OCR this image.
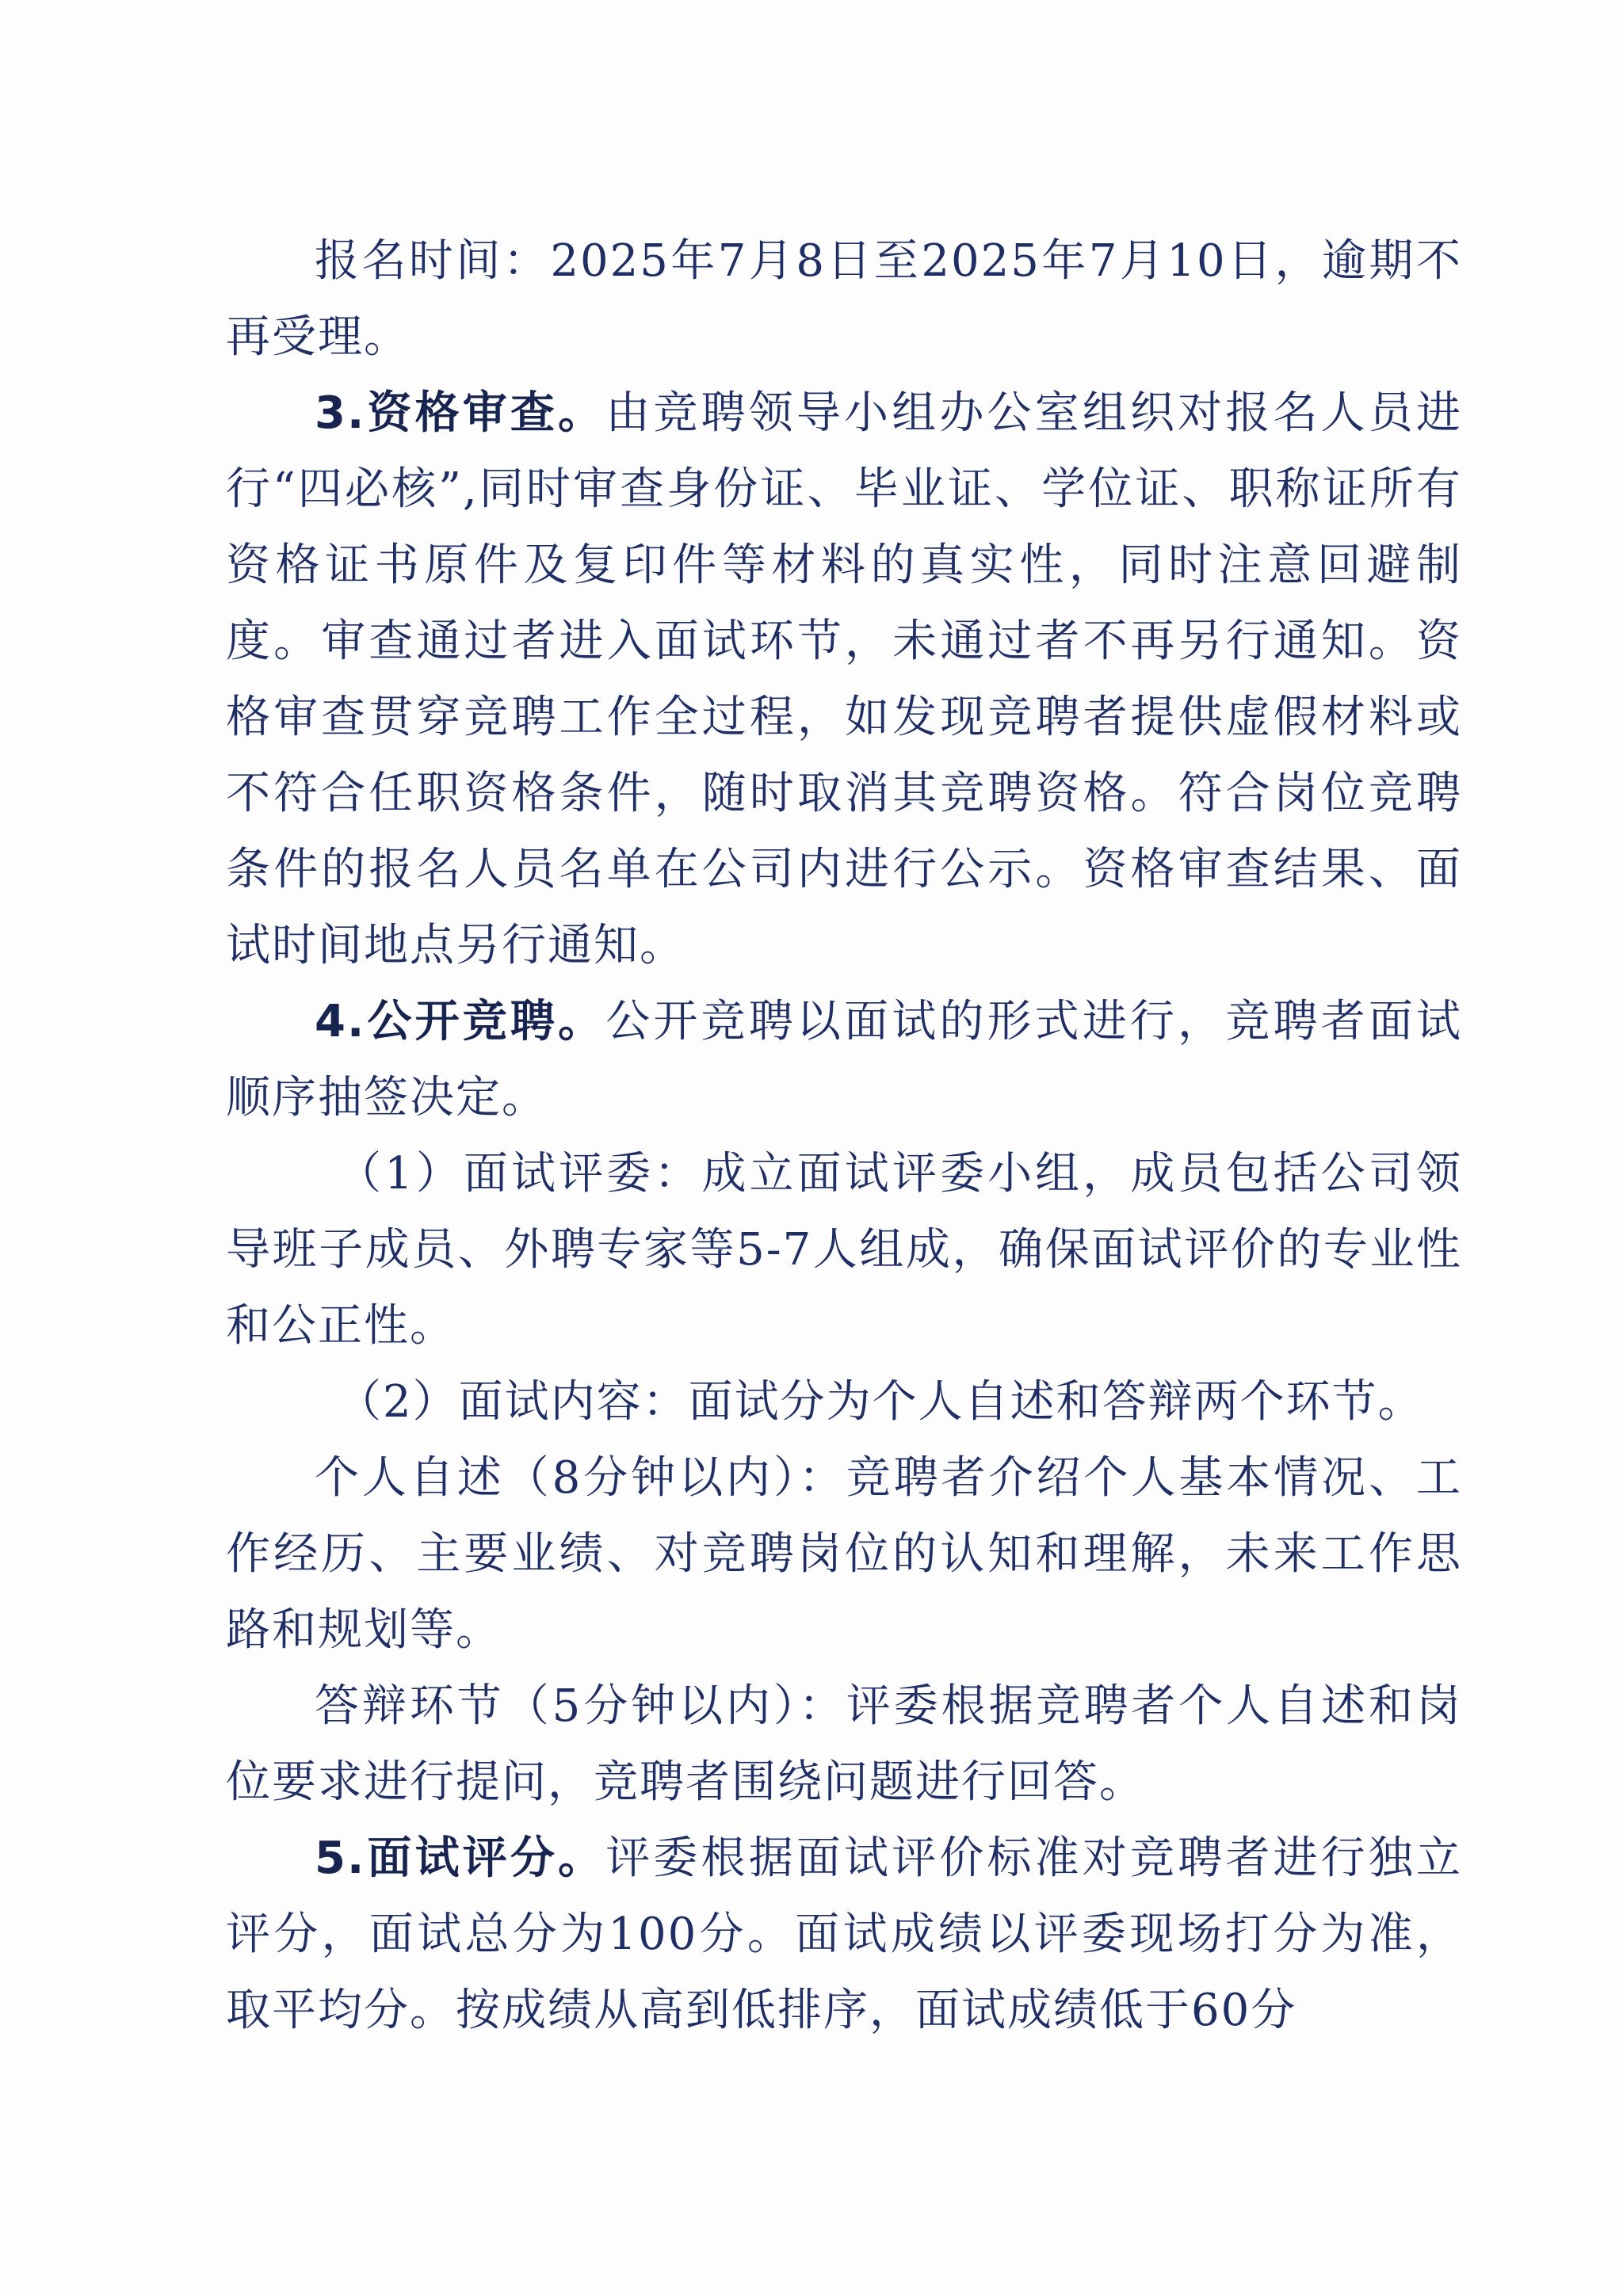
报名时间：2025年7月8日至2025年7月10日，逾期不再受理。

3.资格审查。由竞聘领导小组办公室组织对报名人员进行“四必核”,同时审查身份证、毕业证、学位证、职称证所有资格证书原件及复印件等材料的真实性，同时注意回避制度。审查通过者进入面试环节，未通过者不再另行通知。资格审查贯穿竞聘工作全过程，如发现竞聘者提供虚假材料或不符合任职资格条件，随时取消其竞聘资格。符合岗位竞聘条件的报名人员名单在公司内进行公示。资格审查结果、面试时间地点另行通知。

4.公开竞聘。公开竞聘以面试的形式进行，竞聘者面试顺序抽签决定。

（1）面试评委：成立面试评委小组，成员包括公司领导班子成员、外聘专家等5-7人组成，确保面试评价的专业性和公正性。

（2）面试内容：面试分为个人自述和答辩两个环节。

个人自述（8分钟以内）：竞聘者介绍个人基本情况、工作经历、主要业绩、对竞聘岗位的认知和理解，未来工作思路和规划等。

答辩环节（5分钟以内）：评委根据竞聘者个人自述和岗位要求进行提问，竞聘者围绕问题进行回答。

5.面试评分。评委根据面试评价标准对竞聘者进行独立评分，面试总分为100分。面试成绩以评委现场打分为准，取平均分。按成绩从高到低排序，面试成绩低于60分
